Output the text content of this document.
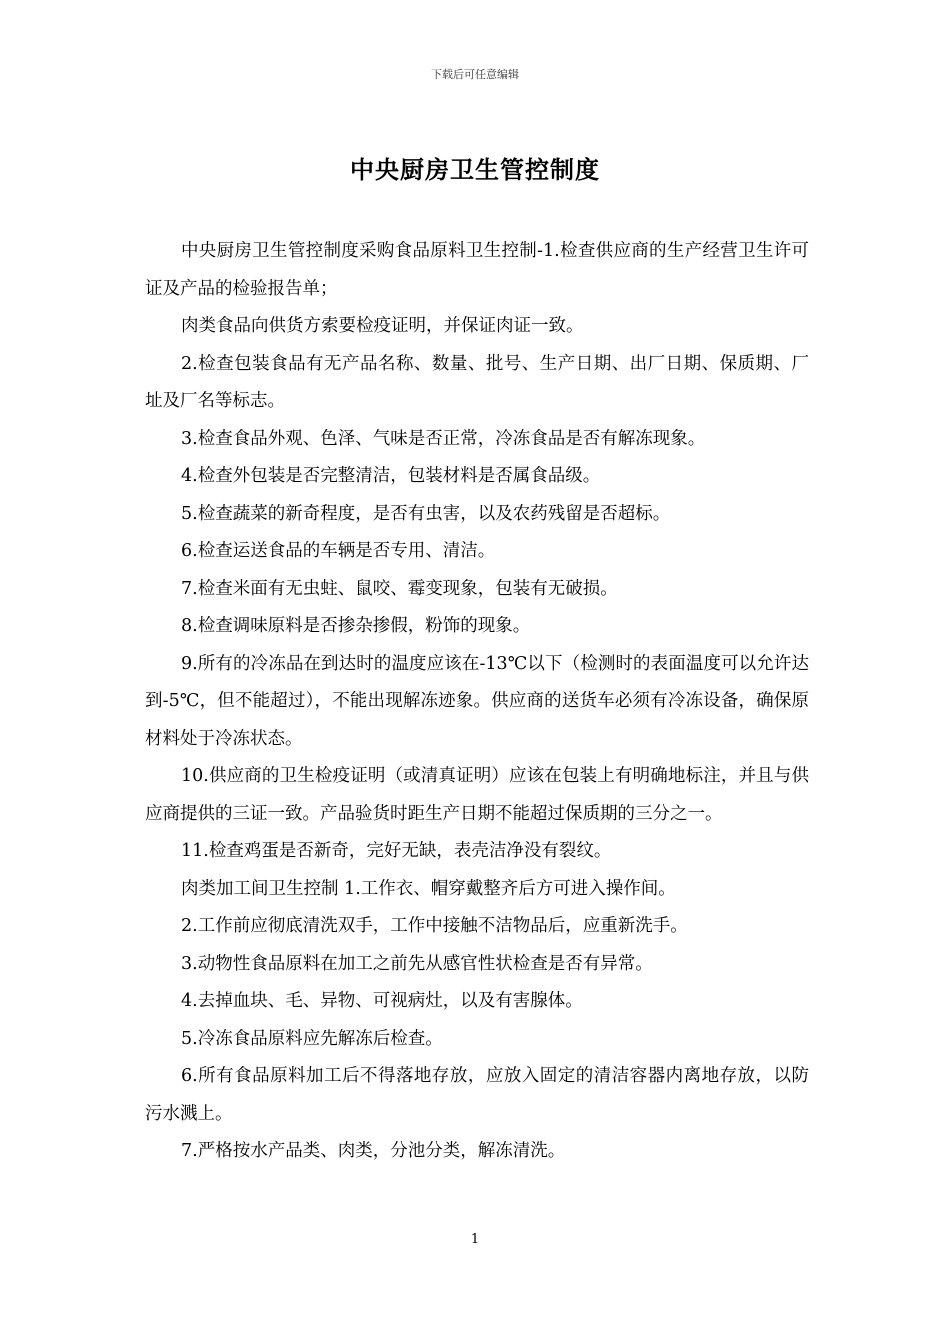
下载后可任意编辑
中央厨房卫生管控制度

中央厨房卫生管控制度采购食品原料卫生控制-1.检查供应商的生产经营卫生许可证及产品的检验报告单；

肉类食品向供货方索要检疫证明，并保证肉证一致。

2.检查包装食品有无产品名称、数量、批号、生产日期、出厂日期、保质期、厂址及厂名等标志。

3.检查食品外观、色泽、气味是否正常，冷冻食品是否有解冻现象。

4.检查外包装是否完整清洁，包装材料是否属食品级。

5.检查蔬菜的新奇程度，是否有虫害，以及农药残留是否超标。

6.检查运送食品的车辆是否专用、清洁。

7.检查米面有无虫蛀、鼠咬、霉变现象，包装有无破损。

8.检查调味原料是否掺杂掺假，粉饰的现象。

9.所有的冷冻品在到达时的温度应该在-13℃以下（检测时的表面温度可以允许达到-5℃，但不能超过），不能出现解冻迹象。供应商的送货车必须有冷冻设备，确保原材料处于冷冻状态。

10.供应商的卫生检疫证明（或清真证明）应该在包装上有明确地标注，并且与供应商提供的三证一致。产品验货时距生产日期不能超过保质期的三分之一。

11.检查鸡蛋是否新奇，完好无缺，表壳洁净没有裂纹。

肉类加工间卫生控制 1.工作衣、帽穿戴整齐后方可进入操作间。

2.工作前应彻底清洗双手，工作中接触不洁物品后，应重新洗手。

3.动物性食品原料在加工之前先从感官性状检查是否有异常。

4.去掉血块、毛、异物、可视病灶，以及有害腺体。

5.冷冻食品原料应先解冻后检查。

6.所有食品原料加工后不得落地存放，应放入固定的清洁容器内离地存放，以防污水溅上。

7.严格按水产品类、肉类，分池分类，解冻清洗。

1
